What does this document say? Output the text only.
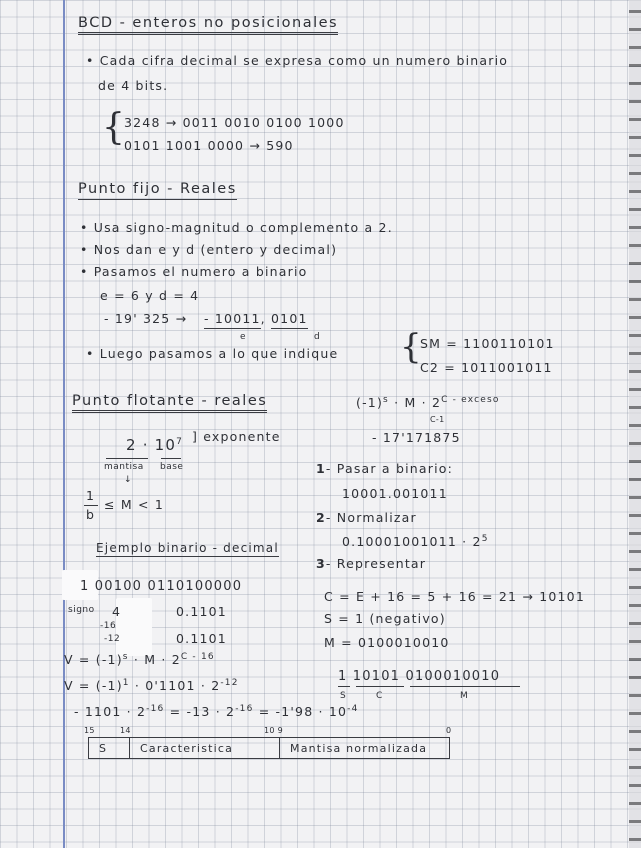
BCD - enteros no posicionales
• Cada cifra decimal se expresa como un numero binario
de 4 bits.
{ 3248 → 0011 0010 0100 1000
0101 1001 0000 → 590
Punto fijo - Reales
• Usa signo-magnitud o complemento a 2.
• Nos dan e y d (entero y decimal)
• Pasamos el numero a binario
e = 6 y d = 4
- 19' 325 → - 10011, 0101
e	d
• Luego pasamos a lo que indique {
SM = 1100110101
C2 = 1011001011
Punto flotante - reales	$(-1)^s \cdot M \cdot 2^{C - exceso}$
C-1
- 17'171875
$2 \cdot 10^7$ ] exponente
mantisa base
↓
1
b
≤ M < 1
1- Pasar a binario:
10001.001011
2- Normalizar
$0.10001001011 \cdot 2^5$
3- Representar
C = E + 16 = 5 + 16 = 21 → 10101
S = 1 (negativo)
M = 0100010010
1 10101 0100010010
S	C	M
Ejemplo binario - decimal
1 00100 0110100000
signo 4
-16
-12
0.1101
0.1101
$V = (-1)^s \cdot M \cdot 2^{C - 16}$
$V = (-1)^1 \cdot 0'1101 \cdot 2^{-12}$
- $1101 \cdot 2^{-16} = -13 \cdot 2^{-16} = -1'98 \cdot 10^{-4}$
15	14	10 9	0
S	Caracteristica	Mantisa normalizada
